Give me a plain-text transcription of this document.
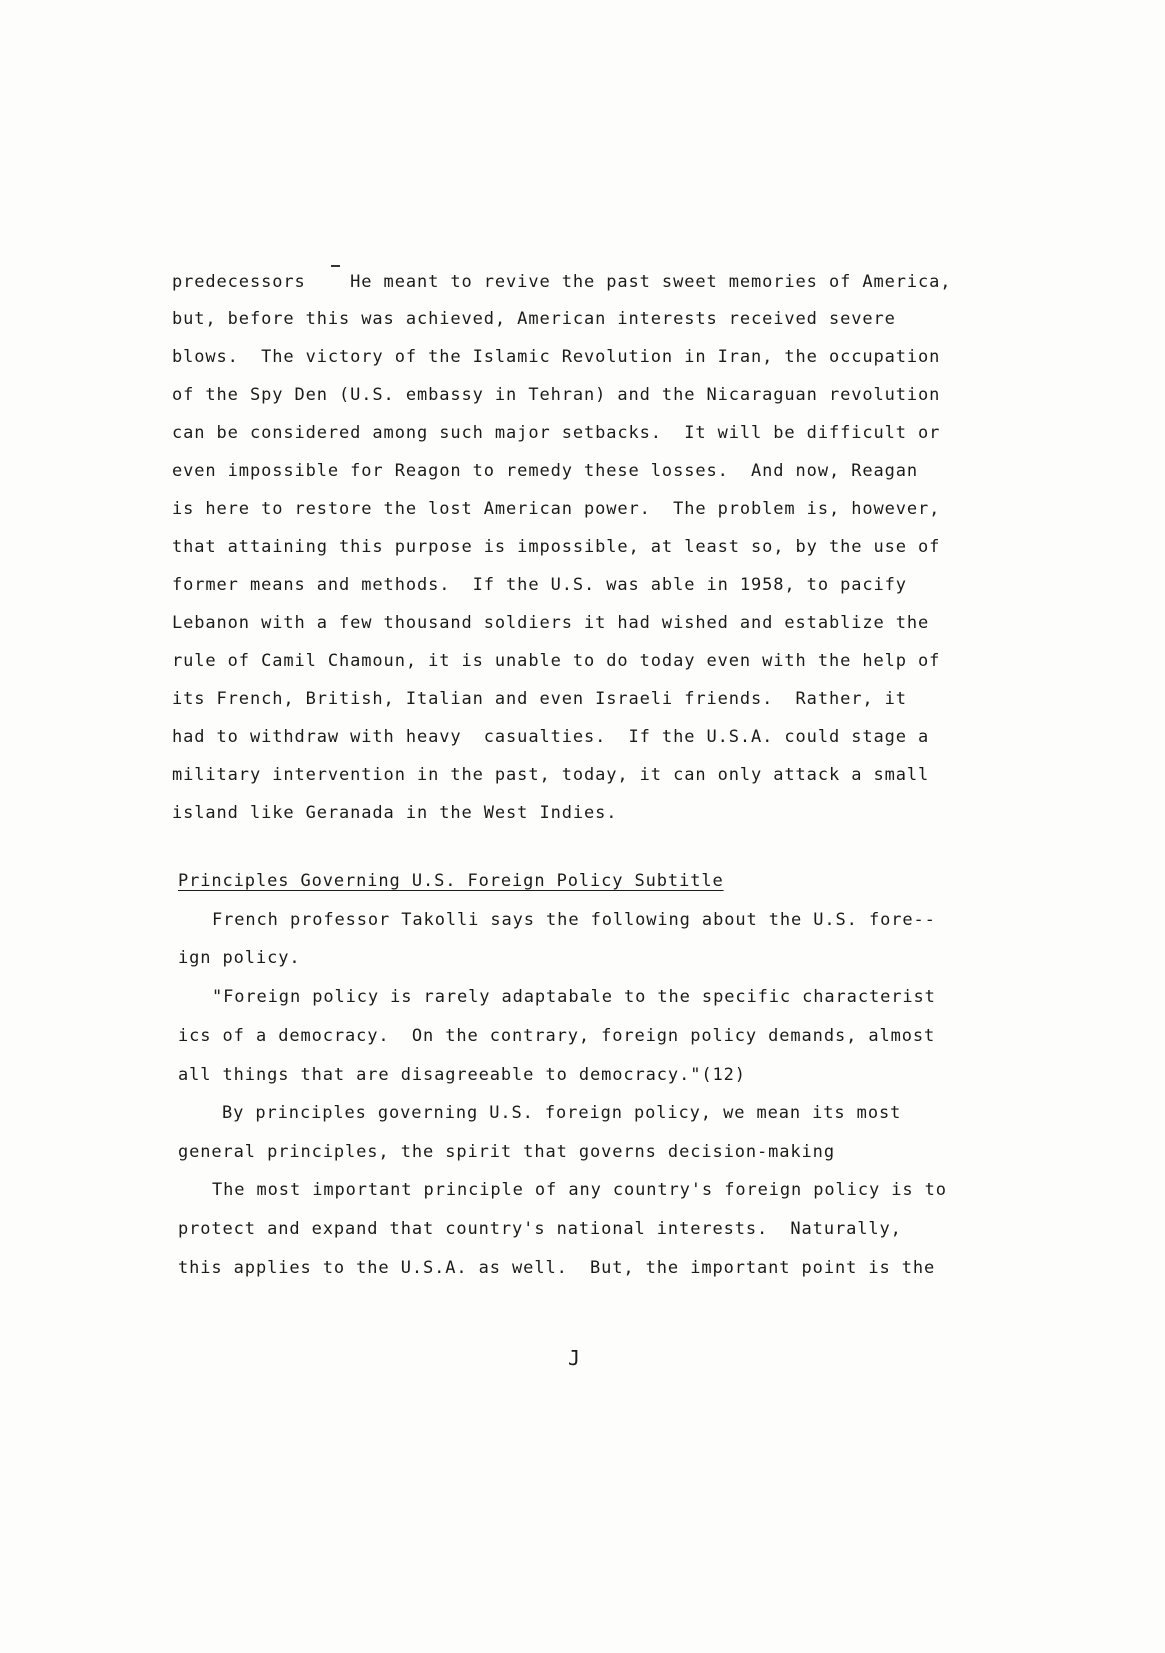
predecessors    He meant to revive the past sweet memories of America,
but, before this was achieved, American interests received severe
blows.  The victory of the Islamic Revolution in Iran, the occupation
of the Spy Den (U.S. embassy in Tehran) and the Nicaraguan revolution
can be considered among such major setbacks.  It will be difficult or
even impossible for Reagon to remedy these losses.  And now, Reagan
is here to restore the lost American power.  The problem is, however,
that attaining this purpose is impossible, at least so, by the use of
former means and methods.  If the U.S. was able in 1958, to pacify
Lebanon with a few thousand soldiers it had wished and establize the
rule of Camil Chamoun, it is unable to do today even with the help of
its French, British, Italian and even Israeli friends.  Rather, it
had to withdraw with heavy  casualties.  If the U.S.A. could stage a
military intervention in the past, today, it can only attack a small
island like Geranada in the West Indies.
Principles Governing U.S. Foreign Policy Subtitle
French professor Takolli says the following about the U.S. fore--
ign policy.
"Foreign policy is rarely adaptabale to the specific characterist
ics of a democracy.  On the contrary, foreign policy demands, almost
all things that are disagreeable to democracy."(12)
By principles governing U.S. foreign policy, we mean its most
general principles, the spirit that governs decision-making
The most important principle of any country's foreign policy is to
protect and expand that country's national interests.  Naturally,
this applies to the U.S.A. as well.  But, the important point is the
J
